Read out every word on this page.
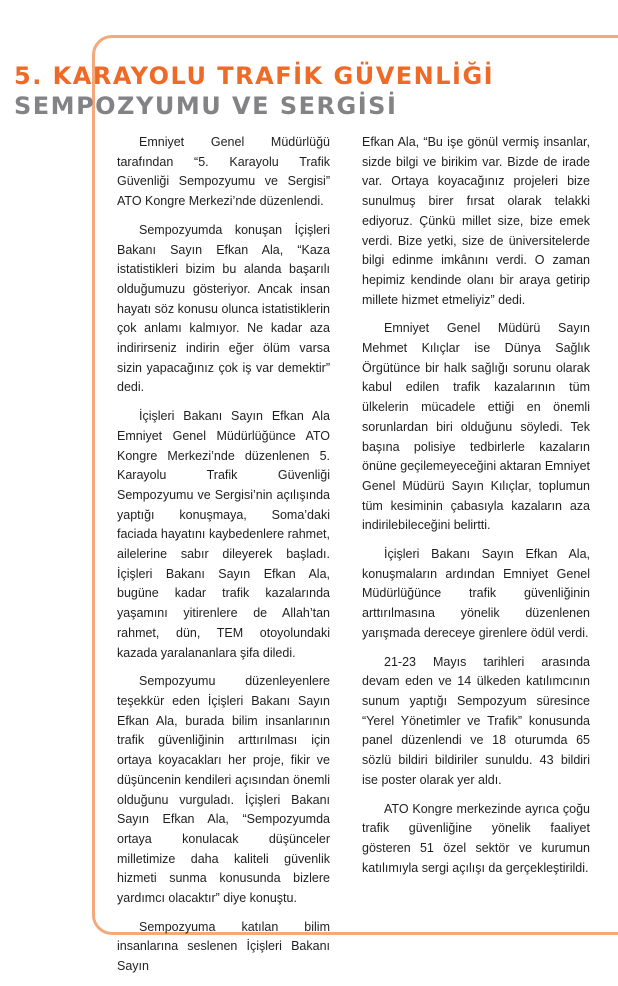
5. KARAYOLU TRAFİK GÜVENLİĞİ
SEMPOZYUMU VE SERGİSİ

Emniyet Genel Müdürlüğü tarafından “5. Karayolu Trafik Güvenliği Sempozyumu ve Sergisi” ATO Kongre Merkezi’nde düzenlendi.

Sempozyumda konuşan İçişleri Bakanı Sayın Efkan Ala, “Kaza istatistikleri bizim bu alanda başarılı olduğumuzu gösteriyor. Ancak insan hayatı söz konusu olunca istatistiklerin çok anlamı kalmıyor. Ne kadar aza indirirseniz indirin eğer ölüm varsa sizin yapacağınız çok iş var demektir” dedi.

İçişleri Bakanı Sayın Efkan Ala Emniyet Genel Müdürlüğünce ATO Kongre Merkezi’nde düzenlenen 5. Karayolu Trafik Güvenliği Sempozyumu ve Sergisi’nin açılışında yaptığı konuşmaya, Soma’daki faciada hayatını kaybedenlere rahmet, ailelerine sabır dileyerek başladı. İçişleri Bakanı Sayın Efkan Ala, bugüne kadar trafik kazalarında yaşamını yitirenlere de Allah’tan rahmet, dün, TEM otoyolundaki kazada yaralananlara şifa diledi.

Sempozyumu düzenleyenlere teşekkür eden İçişleri Bakanı Sayın Efkan Ala, burada bilim insanlarının trafik güvenliğinin arttırılması için ortaya koyacakları her proje, fikir ve düşüncenin kendileri açısından önemli olduğunu vurguladı. İçişleri Bakanı Sayın Efkan Ala, “Sempozyumda ortaya konulacak düşünceler milletimize daha kaliteli güvenlik hizmeti sunma konusunda bizlere yardımcı olacaktır” diye konuştu.

Sempozyuma katılan bilim insanlarına seslenen İçişleri Bakanı Sayın

Efkan Ala, “Bu işe gönül vermiş insanlar, sizde bilgi ve birikim var. Bizde de irade var. Ortaya koyacağınız projeleri bize sunulmuş birer fırsat olarak telakki ediyoruz. Çünkü millet size, bize emek verdi. Bize yetki, size de üniversitelerde bilgi edinme imkânını verdi. O zaman hepimiz kendinde olanı bir araya getirip millete hizmet etmeliyiz” dedi.

Emniyet Genel Müdürü Sayın Mehmet Kılıçlar ise Dünya Sağlık Örgütünce bir halk sağlığı sorunu olarak kabul edilen trafik kazalarının tüm ülkelerin mücadele ettiği en önemli sorunlardan biri olduğunu söyledi. Tek başına polisiye tedbirlerle kazaların önüne geçilemeyeceğini aktaran Emniyet Genel Müdürü Sayın Kılıçlar, toplumun tüm kesiminin çabasıyla kazaların aza indirilebileceğini belirtti.

İçişleri Bakanı Sayın Efkan Ala, konuşmaların ardından Emniyet Genel Müdürlüğünce trafik güvenliğinin arttırılmasına yönelik düzenlenen yarışmada dereceye girenlere ödül verdi.

21-23 Mayıs tarihleri arasında devam eden ve 14 ülkeden katılımcının sunum yaptığı Sempozyum süresince “Yerel Yönetimler ve Trafik” konusunda panel düzenlendi ve 18 oturumda 65 sözlü bildiri bildiriler sunuldu. 43 bildiri ise poster olarak yer aldı.

ATO Kongre merkezinde ayrıca çoğu trafik güvenliğine yönelik faaliyet gösteren 51 özel sektör ve kurumun katılımıyla sergi açılışı da gerçekleştirildi.
